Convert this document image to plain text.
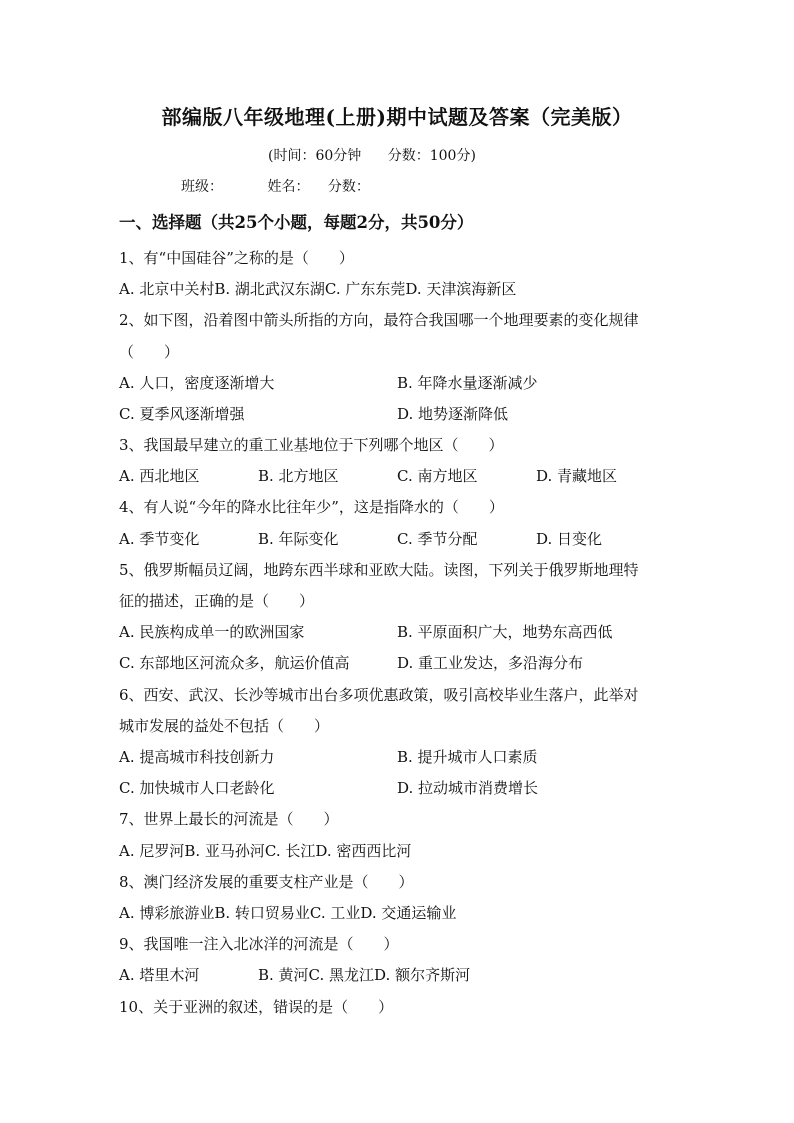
部编版八年级地理(上册)期中试题及答案（完美版）
(时间：60分钟 分数：100分)
班级：	姓名： 分数：
一、选择题（共25个小题，每题2分，共50分）
1、有“中国硅谷”之称的是（　　）
A. 北京中关村B. 湖北武汉东湖C. 广东东莞D. 天津滨海新区
2、如下图，沿着图中箭头所指的方向，最符合我国哪一个地理要素的变化规律
（　　）
A. 人口，密度逐渐增大	B. 年降水量逐渐减少
C. 夏季风逐渐增强	D. 地势逐渐降低
3、我国最早建立的重工业基地位于下列哪个地区（　　）
A. 西北地区	B. 北方地区	C. 南方地区	D. 青藏地区
4、有人说“今年的降水比往年少”，这是指降水的（　　）
A. 季节变化	B. 年际变化	C. 季节分配	D. 日变化
5、俄罗斯幅员辽阔，地跨东西半球和亚欧大陆。读图，下列关于俄罗斯地理特
征的描述，正确的是（　　）
A. 民族构成单一的欧洲国家	B. 平原面积广大，地势东高西低
C. 东部地区河流众多，航运价值高	D. 重工业发达，多沿海分布
6、西安、武汉、长沙等城市出台多项优惠政策，吸引高校毕业生落户，此举对
城市发展的益处不包括（　　）
A. 提高城市科技创新力	B. 提升城市人口素质
C. 加快城市人口老龄化	D. 拉动城市消费增长
7、世界上最长的河流是（　　）
A. 尼罗河B. 亚马孙河C. 长江D. 密西西比河
8、澳门经济发展的重要支柱产业是（　　）
A. 博彩旅游业B. 转口贸易业C. 工业D. 交通运输业
9、我国唯一注入北冰洋的河流是（　　）
A. 塔里木河	B. 黄河C. 黑龙江D. 额尔齐斯河
10、关于亚洲的叙述，错误的是（　　）
